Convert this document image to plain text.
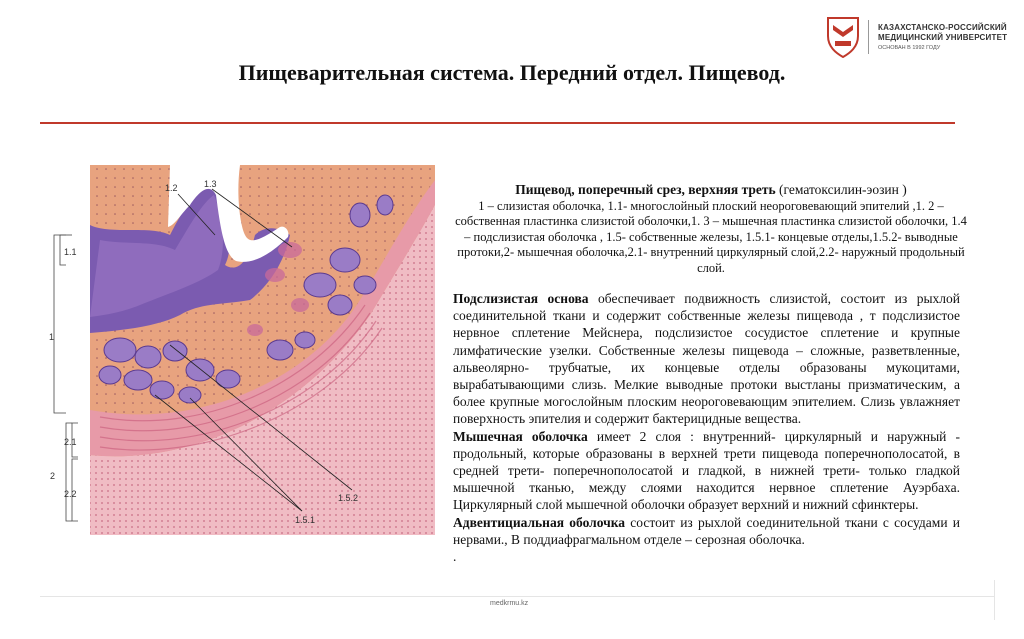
КАЗАХСТАНСКО-РОССИЙСКИЙ
МЕДИЦИНСКИЙ УНИВЕРСИТЕТ
ОСНОВАН В 1992 ГОДУ
Пищеварительная система. Передний отдел. Пищевод.
1.2	1.3
1.1
1
2.1
2
2.2	1.5.2
1.5.1
Пищевод, поперечный срез, верхняя треть (гематоксилин-эозин )
1 – слизистая оболочка, 1.1- многослойный плоский неороговевающий эпителий ,1. 2 – собственная пластинка слизистой оболочки,1. 3 – мышечная пластинка слизистой оболочки, 1.4 – подслизистая оболочка , 1.5- собственные железы, 1.5.1- концевые отделы,1.5.2- выводные протоки,2- мышечная оболочка,2.1- внутренний циркулярный слой,2.2- наружный продольный слой.

Подслизистая основа обеспечивает подвижность слизистой, состоит из рыхлой соединительной ткани и содержит собственные железы пищевода , т подслизистое нервное сплетение Мейснера, подслизистое сосудистое сплетение и крупные лимфатические узелки. Собственные железы пищевода – сложные, разветвленные, альвеолярно- трубчатые, их концевые отделы образованы мукоцитами, вырабатывающими слизь. Мелкие выводные протоки выстланы призматическим, а более крупные могослойным плоским неороговевающим эпителием. Слизь увлажняет поверхность эпителия и содержит бактерицидные вещества.

Мышечная оболочка имеет 2 слоя : внутренний- циркулярный и наружный - продольный, которые образованы в верхней трети пищевода поперечнополосатой, в средней трети- поперечнополосатой и гладкой, в нижней трети- только гладкой мышечной тканью, между слоями находится нервное сплетение Ауэрбаха. Циркулярный слой мышечной оболочки образует верхний и нижний сфинктеры.

Адвентициальная оболочка состоит из рыхлой соединительной ткани с сосудами и нервами., В поддиафрагмальном отделе – серозная оболочка.

.

medkrmu.kz
